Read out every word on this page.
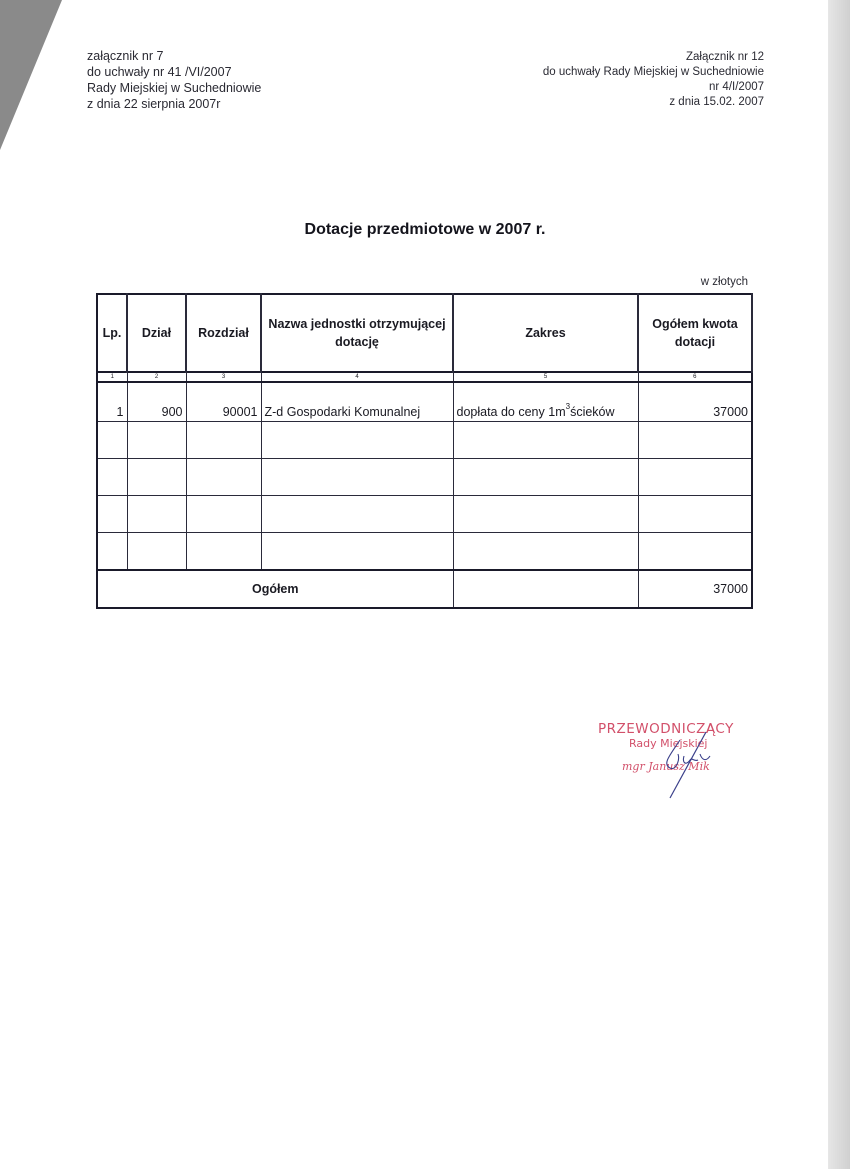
załącznik nr 7
do uchwały nr 41 /VI/2007
Rady Miejskiej w Suchedniowie
z dnia 22 sierpnia 2007r
Załącznik nr 12
do uchwały Rady Miejskiej w Suchedniowie
nr 4/I/2007
z dnia 15.02. 2007
Dotacje przedmiotowe w 2007 r.
w złotych
Lp.	Dział	Rozdział	Nazwa jednostki otrzymującej dotację	Zakres	Ogółem kwota dotacji
1	2	3	4	5	6
1	900	90001	Z-d Gospodarki Komunalnej	dopłata do ceny $1m^3ścieków$	37000

Ogółem					37000
PRZEWODNICZĄCY
Rady Miejskiej
mgr Janusz Mik
